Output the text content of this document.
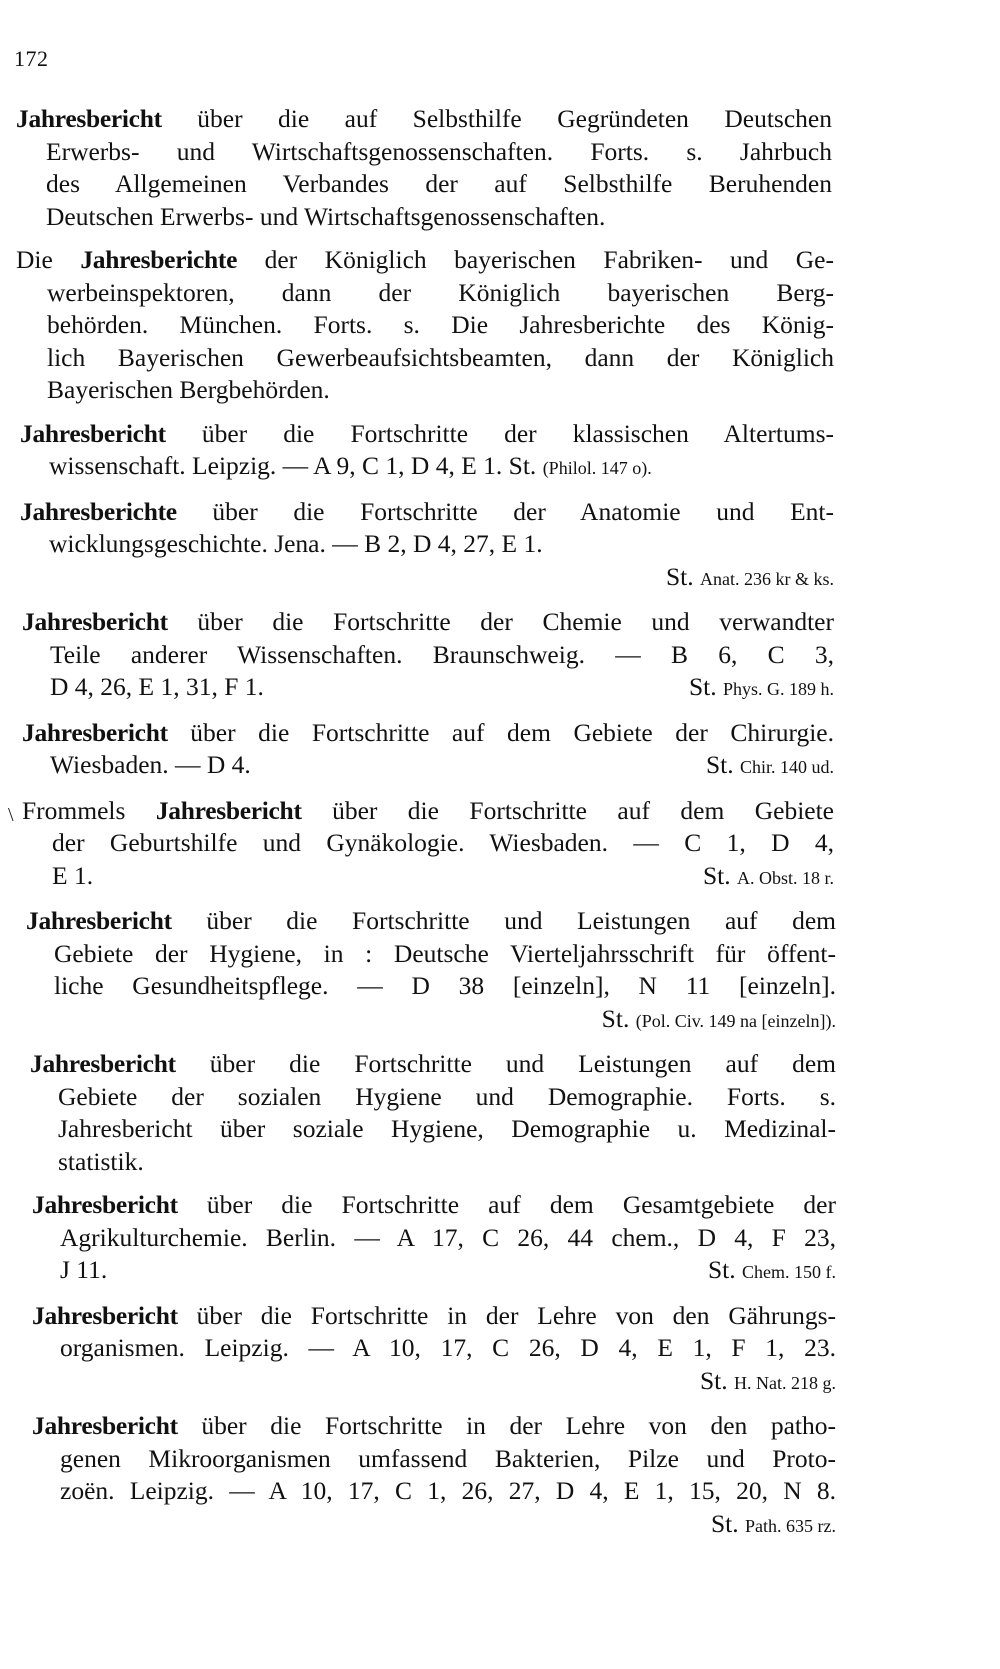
172
Jahresbericht über die auf Selbsthilfe Gegründeten Deutschen
Erwerbs- und Wirtschaftsgenossenschaften. Forts. s. Jahrbuch
des Allgemeinen Verbandes der auf Selbsthilfe Beruhenden
Deutschen Erwerbs- und Wirtschaftsgenossenschaften.
Die Jahresberichte der Königlich bayerischen Fabriken- und Ge-
werbeinspektoren, dann der Königlich bayerischen Berg-
behörden. München. Forts. s. Die Jahresberichte des König-
lich Bayerischen Gewerbeaufsichtsbeamten, dann der Königlich
Bayerischen Bergbehörden.
Jahresbericht über die Fortschritte der klassischen Altertums-
wissenschaft. Leipzig. — A 9, C 1, D 4, E 1. St. (Philol. 147 o).
Jahresberichte über die Fortschritte der Anatomie und Ent-
wicklungsgeschichte. Jena. — B 2, D 4, 27, E 1.
St. Anat. 236 kr & ks.
Jahresbericht über die Fortschritte der Chemie und verwandter
Teile anderer Wissenschaften. Braunschweig. — B 6, C 3,
D 4, 26, E 1, 31, F 1.	St. Phys. G. 189 h.
Jahresbericht über die Fortschritte auf dem Gebiete der Chirurgie.
Wiesbaden. — D 4.	St. Chir. 140 ud.
\ Frommels Jahresbericht über die Fortschritte auf dem Gebiete
der Geburtshilfe und Gynäkologie. Wiesbaden. — C 1, D 4,
E 1.	St. A. Obst. 18 r.
Jahresbericht über die Fortschritte und Leistungen auf dem
Gebiete der Hygiene, in : Deutsche Vierteljahrsschrift für öffent-
liche Gesundheitspflege. — D 38 [einzeln], N 11 [einzeln].
St. (Pol. Civ. 149 na [einzeln]).
Jahresbericht über die Fortschritte und Leistungen auf dem
Gebiete der sozialen Hygiene und Demographie. Forts. s.
Jahresbericht über soziale Hygiene, Demographie u. Medizinal-
statistik.
Jahresbericht über die Fortschritte auf dem Gesamtgebiete der
Agrikulturchemie. Berlin. — A 17, C 26, 44 chem., D 4, F 23,
J 11.	St. Chem. 150 f.
Jahresbericht über die Fortschritte in der Lehre von den Gährungs-
organismen. Leipzig. — A 10, 17, C 26, D 4, E 1, F 1, 23.
St. H. Nat. 218 g.
Jahresbericht über die Fortschritte in der Lehre von den patho-
genen Mikroorganismen umfassend Bakterien, Pilze und Proto-
zoën. Leipzig. — A 10, 17, C 1, 26, 27, D 4, E 1, 15, 20, N 8.
St. Path. 635 rz.
